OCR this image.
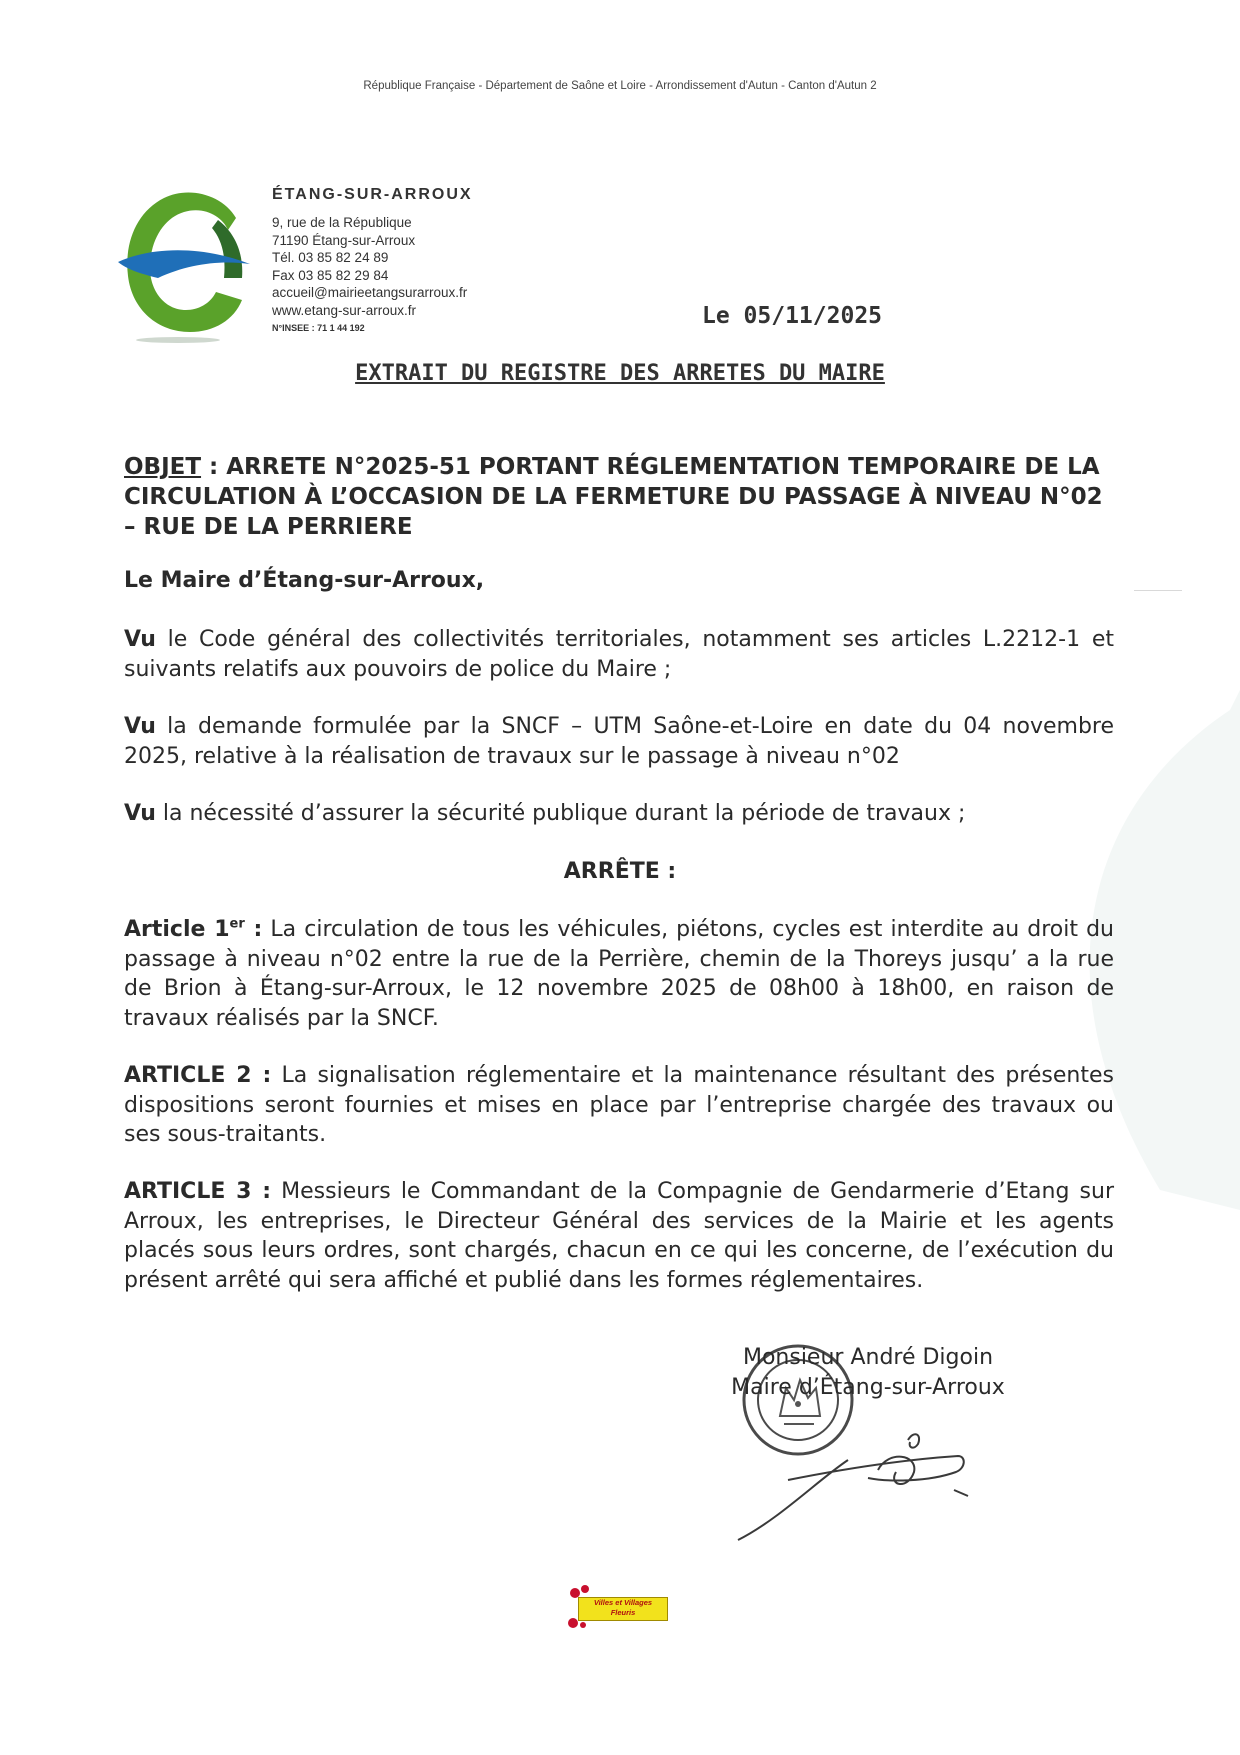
République Française - Département de Saône et Loire - Arrondissement d'Autun - Canton d'Autun 2
ÉTANG-SUR-ARROUX
9, rue de la République
71190 Étang-sur-Arroux
Tél. 03 85 82 24 89
Fax 03 85 82 29 84
accueil@mairieetangsurarroux.fr
www.etang-sur-arroux.fr
N°INSEE : 71 1 44 192	Le 05/11/2025
EXTRAIT DU REGISTRE DES ARRETES DU MAIRE
OBJET : ARRETE N°2025-51 PORTANT RÉGLEMENTATION TEMPORAIRE DE LA CIRCULATION À L’OCCASION DE LA FERMETURE DU PASSAGE À NIVEAU N°02 – RUE DE LA PERRIERE
Le Maire d’Étang-sur-Arroux,
Vu le Code général des collectivités territoriales, notamment ses articles L.2212-1 et suivants relatifs aux pouvoirs de police du Maire ;
Vu la demande formulée par la SNCF – UTM Saône-et-Loire en date du 04 novembre 2025, relative à la réalisation de travaux sur le passage à niveau n°02
Vu la nécessité d’assurer la sécurité publique durant la période de travaux ;
ARRÊTE :
Article 1er : La circulation de tous les véhicules, piétons, cycles est interdite au droit du passage à niveau n°02 entre la rue de la Perrière, chemin de la Thoreys jusqu’ a la rue de Brion à Étang-sur-Arroux, le 12 novembre 2025 de 08h00 à 18h00, en raison de travaux réalisés par la SNCF.
ARTICLE 2 : La signalisation réglementaire et la maintenance résultant des présentes dispositions seront fournies et mises en place par l’entreprise chargée des travaux ou ses sous-traitants.
ARTICLE 3 : Messieurs le Commandant de la Compagnie de Gendarmerie d’Etang sur Arroux, les entreprises, le Directeur Général des services de la Mairie et les agents placés sous leurs ordres, sont chargés, chacun en ce qui les concerne, de l’exécution du présent arrêté qui sera affiché et publié dans les formes réglementaires.
Monsieur André Digoin
Maire d’Étang-sur-Arroux
Villes et Villages
Fleuris
